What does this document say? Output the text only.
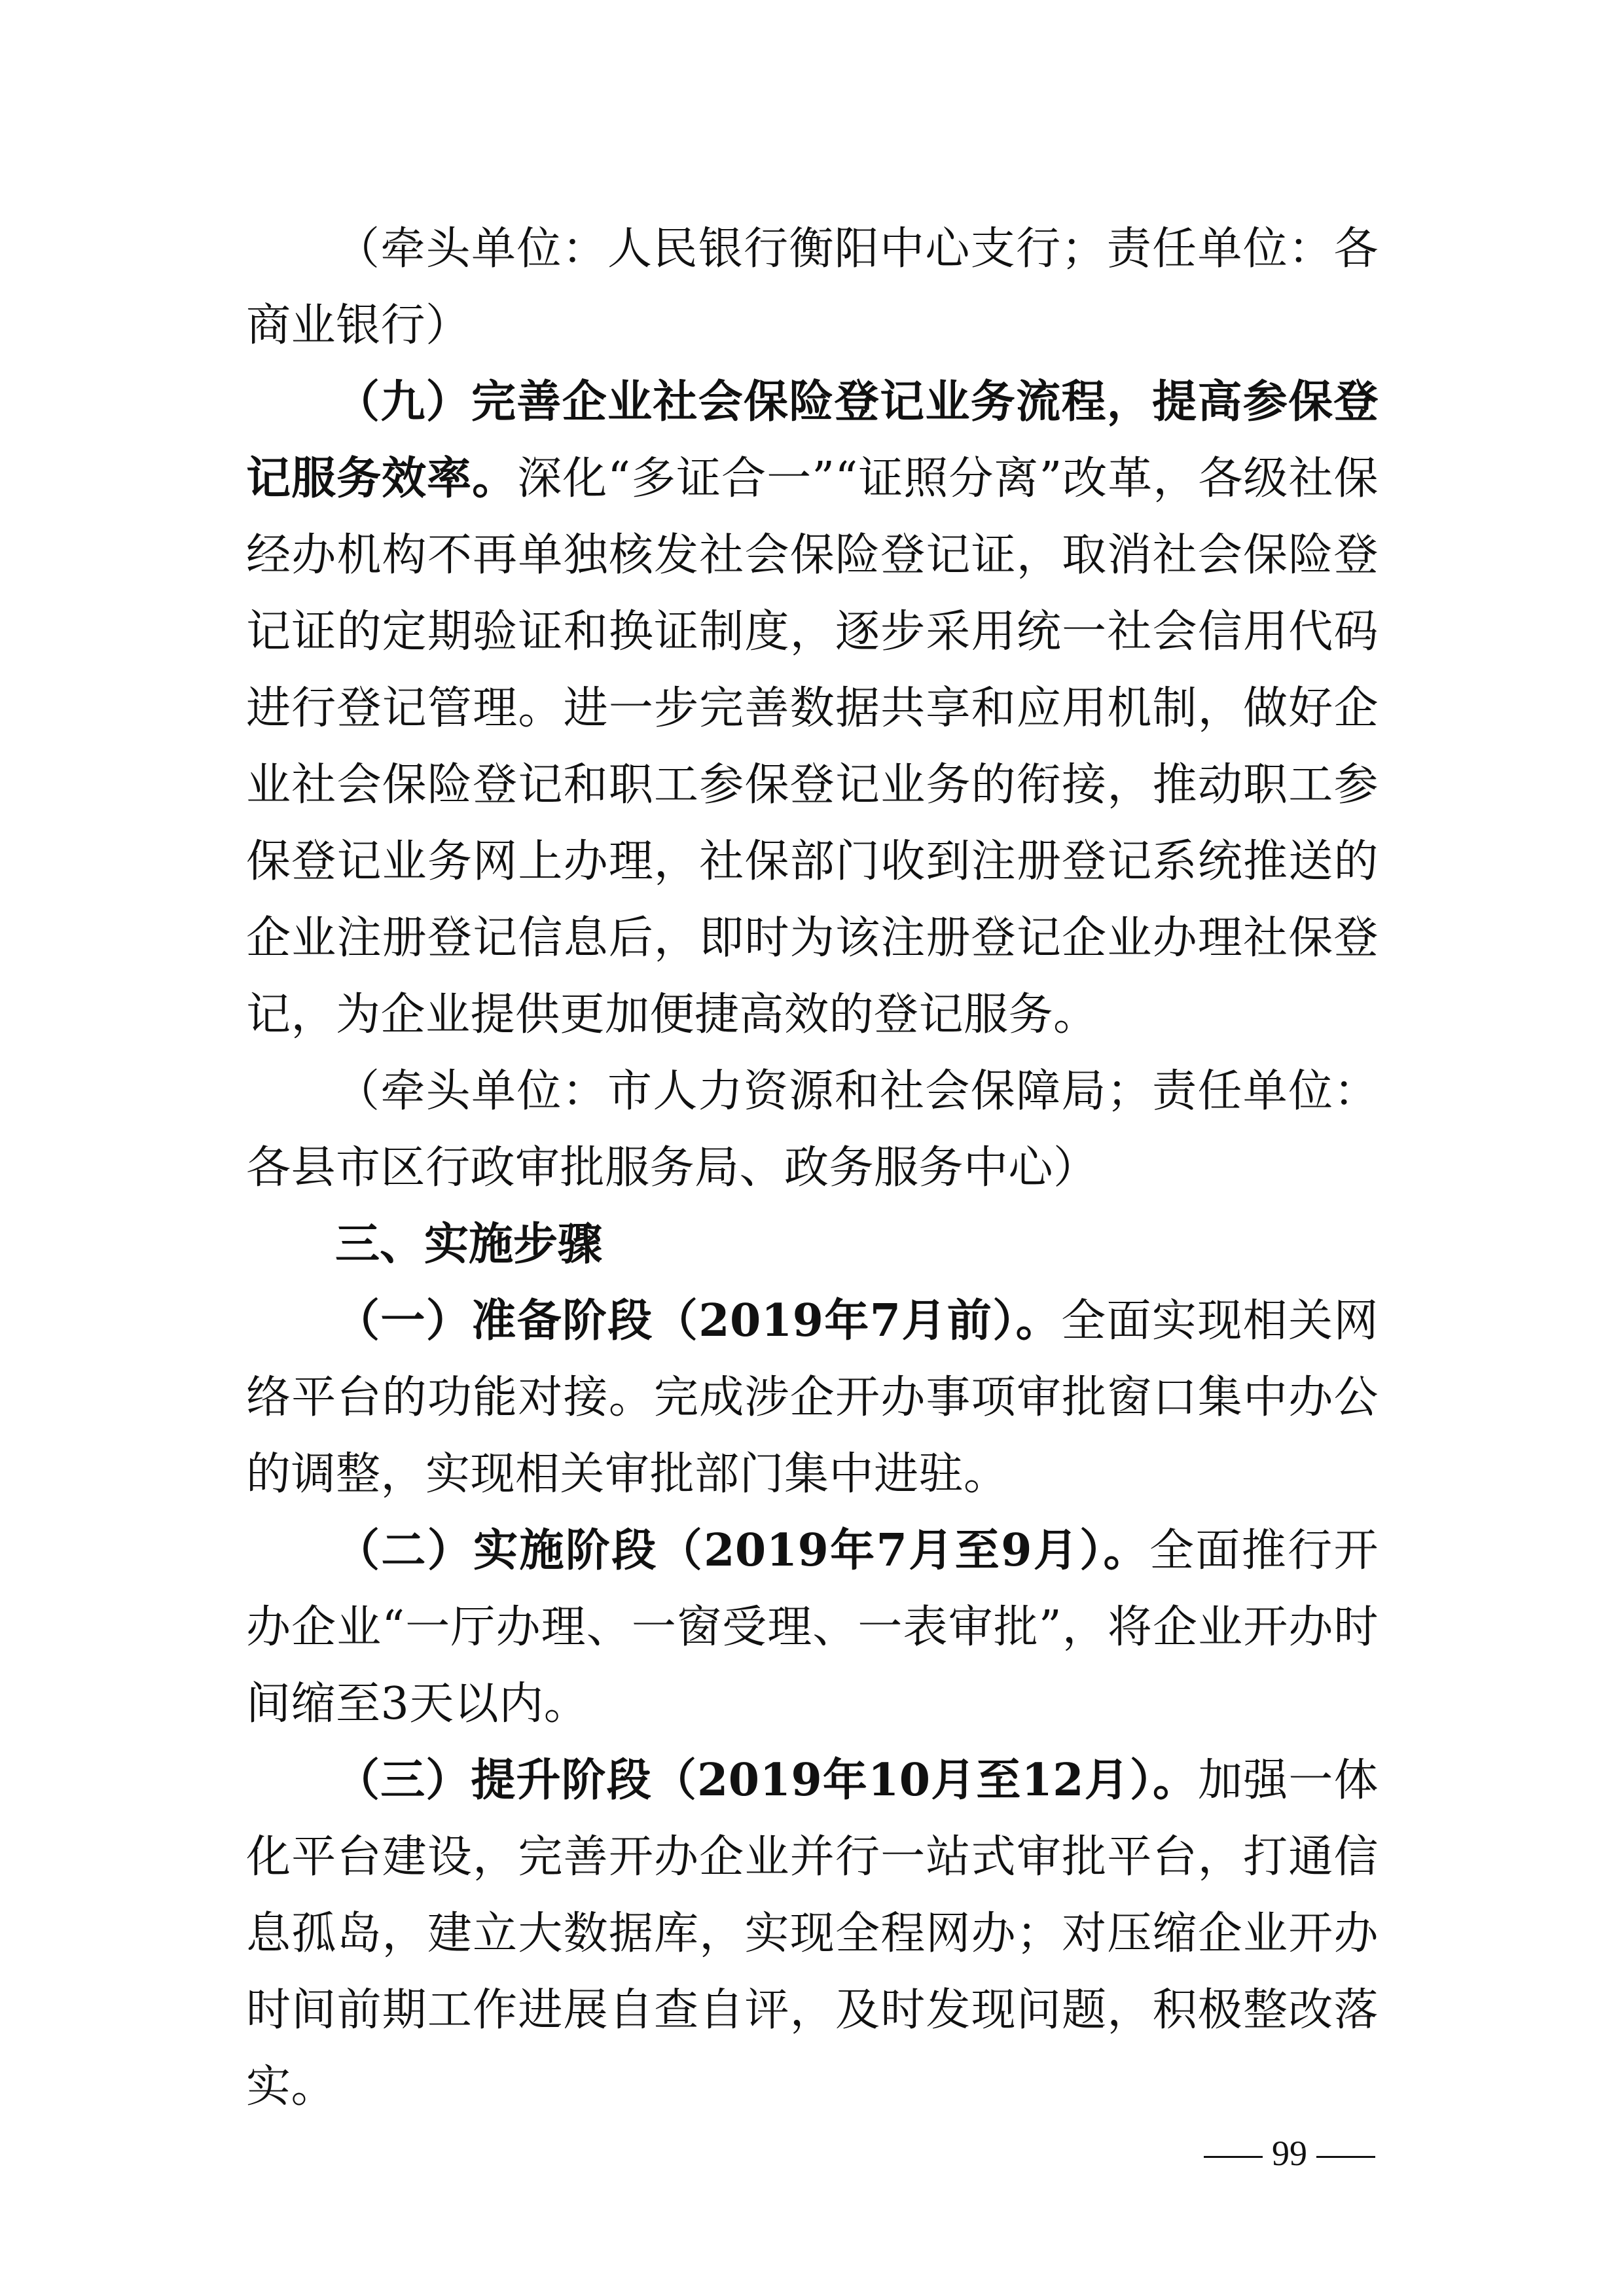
（牵头单位：人民银行衡阳中心支行；责任单位：各商业银行）

（九）完善企业社会保险登记业务流程，提高参保登记服务效率。深化“多证合一”“证照分离”改革，各级社保经办机构不再单独核发社会保险登记证，取消社会保险登记证的定期验证和换证制度，逐步采用统一社会信用代码进行登记管理。进一步完善数据共享和应用机制，做好企业社会保险登记和职工参保登记业务的衔接，推动职工参保登记业务网上办理，社保部门收到注册登记系统推送的企业注册登记信息后，即时为该注册登记企业办理社保登记，为企业提供更加便捷高效的登记服务。

（牵头单位：市人力资源和社会保障局；责任单位：各县市区行政审批服务局、政务服务中心）

三、实施步骤

（一）准备阶段（2019年7月前）。全面实现相关网络平台的功能对接。完成涉企开办事项审批窗口集中办公的调整，实现相关审批部门集中进驻。

（二）实施阶段（2019年7月至9月）。全面推行开办企业“一厅办理、一窗受理、一表审批”，将企业开办时间缩至3天以内。

（三）提升阶段（2019年10月至12月）。加强一体化平台建设，完善开办企业并行一站式审批平台，打通信息孤岛，建立大数据库，实现全程网办；对压缩企业开办时间前期工作进展自查自评，及时发现问题，积极整改落实。

99
